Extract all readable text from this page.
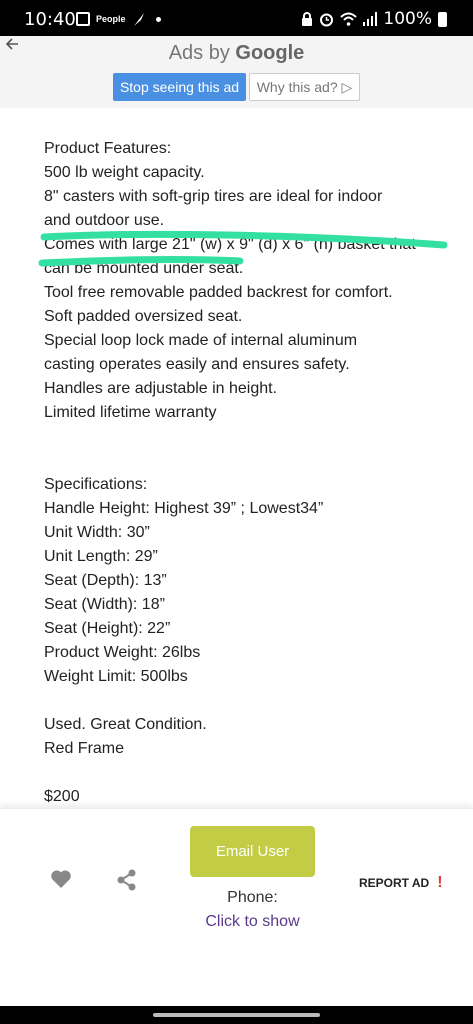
10:40 People	100%
Ads by Google
Stop seeing this ad	Why this ad? ▷
Product Features:
500 lb weight capacity.
8" casters with soft-grip tires are ideal for indoor
and outdoor use.
Comes with large 21" (w) x 9" (d) x 6" (h) basket that
can be mounted under seat.
Tool free removable padded backrest for comfort.
Soft padded oversized seat.
Special loop lock made of internal aluminum
casting operates easily and ensures safety.
Handles are adjustable in height.
Limited lifetime warranty
Specifications:
Handle Height: Highest 39” ; Lowest34”
Unit Width: 30”
Unit Length: 29”
Seat (Depth): 13”
Seat (Width): 18”
Seat (Height): 22”
Product Weight: 26lbs
Weight Limit: 500lbs
Used. Great Condition.
Red Frame
$200
Email User
Phone:
Click to show
REPORT AD !
